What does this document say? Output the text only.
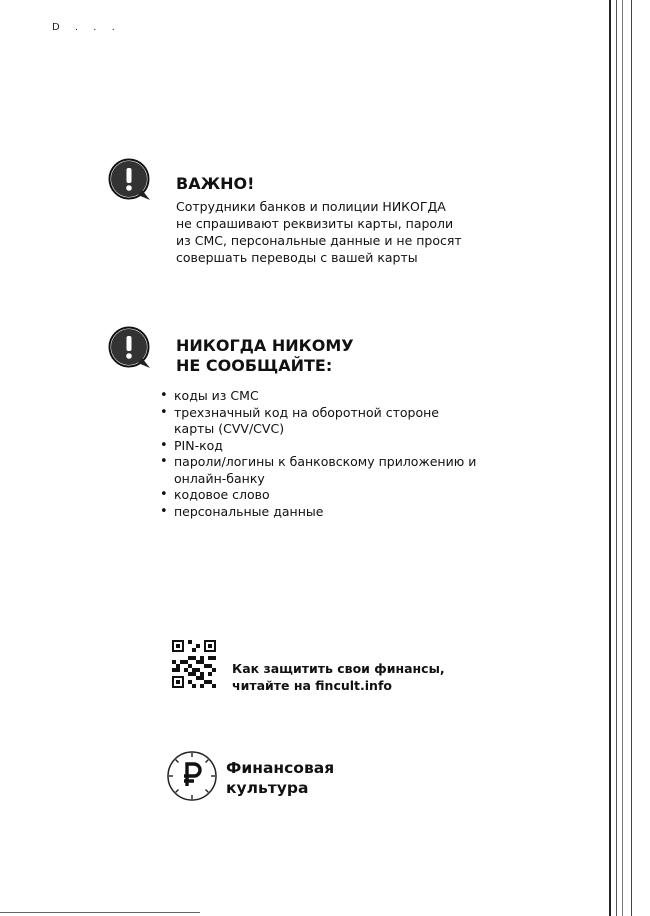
D . . .

ВАЖНО!

Сотрудники банков и полиции НИКОГДА
не спрашивают реквизиты карты, пароли
из СМС, персональные данные и не просят
совершать переводы с вашей карты

НИКОГДА НИКОМУ
НЕ СООБЩАЙТЕ:

• коды из СМС
• трехзначный код на оборотной стороне карты (CVV/CVC)
• PIN-код
• пароли/логины к банковскому приложению и онлайн-банку
• кодовое слово
• персональные данные

Как защитить свои финансы,
читайте на fincult.info

Финансовая
культура
